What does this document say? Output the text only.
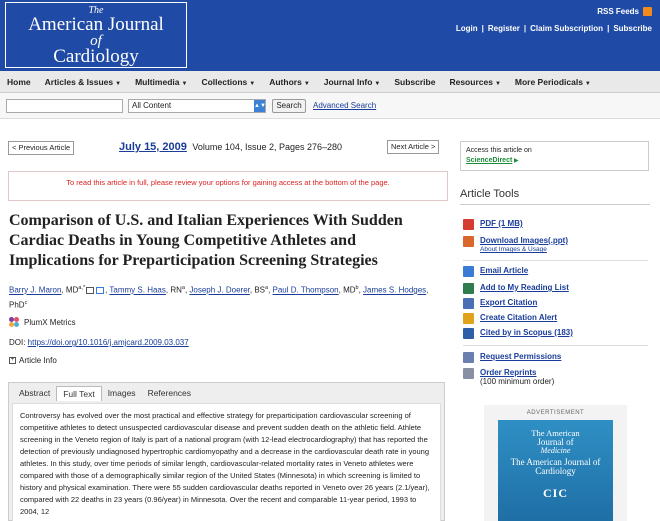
The
American Journal
of
Cardiology
RSS Feeds
Login | Register | Claim Subscription | Subscribe
Home Articles & Issues ▼ Multimedia ▼ Collections ▼ Authors ▼ Journal Info ▼ Subscribe Resources ▼ More Periodicals ▼
All Content	▲▼	Search	Advanced Search
< Previous Article	July 15, 2009 Volume 104, Issue 2, Pages 276–280	Next Article >
To read this article in full, please review your options for gaining access at the bottom of the page.
Comparison of U.S. and Italian Experiences With Sudden Cardiac Deaths in Young Competitive Athletes and Implications for Preparticipation Screening Strategies
Barry J. Maron, $MD^{a,*}$	, Tammy S. Haas, $RN^a$, Joseph J. Doerer, $BS^a$, Paul D. Thompson, $MD^b$, James S. Hodges, PhD$^c$
PlumX Metrics
DOI: https://doi.org/10.1016/j.amjcard.2009.03.037
+ Article Info
Abstract	Full Text	Images	References
Controversy has evolved over the most practical and effective strategy for preparticipation cardiovascular screening of competitive athletes to detect unsuspected cardiovascular disease and prevent sudden death on the athletic field. Athlete screening in the Veneto region of Italy is part of a national program (with 12-lead electrocardiography) that has reported the detection of previously undiagnosed hypertrophic cardiomyopathy and a decrease in the cardiovascular death rate in young athletes. In this study, over time periods of similar length, cardiovascular-related mortality rates in Veneto athletes were compared with those of a demographically similar region of the United States (Minnesota) in which screening is limited to history and physical examination. There were 55 sudden cardiovascular deaths reported in Veneto over 26 years (2.1/year), compared with 22 deaths in 23 years (0.96/year) in Minnesota. Over the recent and comparable 11-year period, 1993 to 2004, 12
Access this article on
ScienceDirect ▶
Article Tools
PDF (1 MB)
Download Images(.ppt)
About Images & Usage
Email Article
Add to My Reading List
Export Citation
Create Citation Alert
Cited by in Scopus (183)
Request Permissions
Order Reprints
(100 minimum order)
ADVERTISEMENT
The American
Journal of
Medicine
The American Journal of Cardiology
CIC
